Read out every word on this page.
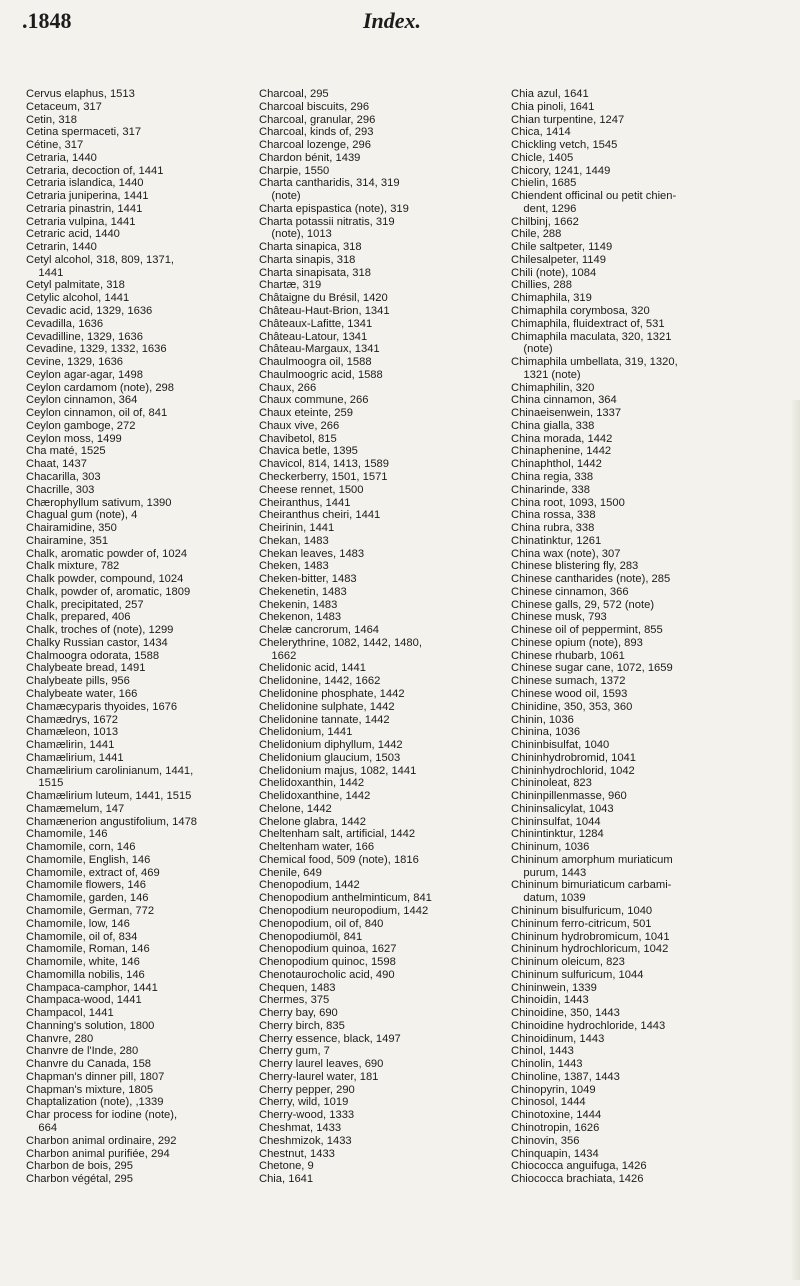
.1848	Index.
Cervus elaphus, 1513
Cetaceum, 317
Cetin, 318
Cetina spermaceti, 317
Cétine, 317
Cetraria, 1440
Cetraria, decoction of, 1441
Cetraria islandica, 1440
Cetraria juniperina, 1441
Cetraria pinastrin, 1441
Cetraria vulpina, 1441
Cetraric acid, 1440
Cetrarin, 1440
Cetyl alcohol, 318, 809, 1371,
1441
Cetyl palmitate, 318
Cetylic alcohol, 1441
Cevadic acid, 1329, 1636
Cevadilla, 1636
Cevadilline, 1329, 1636
Cevadine, 1329, 1332, 1636
Cevine, 1329, 1636
Ceylon agar-agar, 1498
Ceylon cardamom (note), 298
Ceylon cinnamon, 364
Ceylon cinnamon, oil of, 841
Ceylon gamboge, 272
Ceylon moss, 1499
Cha maté, 1525
Chaat, 1437
Chacarilla, 303
Chacrille, 303
Chærophyllum sativum, 1390
Chagual gum (note), 4
Chairamidine, 350
Chairamine, 351
Chalk, aromatic powder of, 1024
Chalk mixture, 782
Chalk powder, compound, 1024
Chalk, powder of, aromatic, 1809
Chalk, precipitated, 257
Chalk, prepared, 406
Chalk, troches of (note), 1299
Chalky Russian castor, 1434
Chalmoogra odorata, 1588
Chalybeate bread, 1491
Chalybeate pills, 956
Chalybeate water, 166
Chamæcyparis thyoides, 1676
Chamædrys, 1672
Chamæleon, 1013
Chamælirin, 1441
Chamælirium, 1441
Chamælirium carolinianum, 1441,
1515
Chamælirium luteum, 1441, 1515
Chamæmelum, 147
Chamænerion angustifolium, 1478
Chamomile, 146
Chamomile, corn, 146
Chamomile, English, 146
Chamomile, extract of, 469
Chamomile flowers, 146
Chamomile, garden, 146
Chamomile, German, 772
Chamomile, low, 146
Chamomile, oil of, 834
Chamomile, Roman, 146
Chamomile, white, 146
Chamomilla nobilis, 146
Champaca-camphor, 1441
Champaca-wood, 1441
Champacol, 1441
Channing's solution, 1800
Chanvre, 280
Chanvre de l'Inde, 280
Chanvre du Canada, 158
Chapman's dinner pill, 1807
Chapman's mixture, 1805
Chaptalization (note), ,1339
Char process for iodine (note),
664
Charbon animal ordinaire, 292
Charbon animal purifiée, 294
Charbon de bois, 295
Charbon végétal, 295
Charcoal, 295
Charcoal biscuits, 296
Charcoal, granular, 296
Charcoal, kinds of, 293
Charcoal lozenge, 296
Chardon bénit, 1439
Charpie, 1550
Charta cantharidis, 314, 319
(note)
Charta epispastica (note), 319
Charta potassii nitratis, 319
(note), 1013
Charta sinapica, 318
Charta sinapis, 318
Charta sinapisata, 318
Chartæ, 319
Châtaigne du Brésil, 1420
Château-Haut-Brion, 1341
Châteaux-Lafitte, 1341
Château-Latour, 1341
Château-Margaux, 1341
Chaulmoogra oil, 1588
Chaulmoogric acid, 1588
Chaux, 266
Chaux commune, 266
Chaux eteinte, 259
Chaux vive, 266
Chavibetol, 815
Chavica betle, 1395
Chavicol, 814, 1413, 1589
Checkerberry, 1501, 1571
Cheese rennet, 1500
Cheiranthus, 1441
Cheiranthus cheiri, 1441
Cheirinin, 1441
Chekan, 1483
Chekan leaves, 1483
Cheken, 1483
Cheken-bitter, 1483
Chekenetin, 1483
Chekenin, 1483
Chekenon, 1483
Chelæ cancrorum, 1464
Chelerythrine, 1082, 1442, 1480,
1662
Chelidonic acid, 1441
Chelidonine, 1442, 1662
Chelidonine phosphate, 1442
Chelidonine sulphate, 1442
Chelidonine tannate, 1442
Chelidonium, 1441
Chelidonium diphyllum, 1442
Chelidonium glaucium, 1503
Chelidonium majus, 1082, 1441
Chelidoxanthin, 1442
Chelidoxanthine, 1442
Chelone, 1442
Chelone glabra, 1442
Cheltenham salt, artificial, 1442
Cheltenham water, 166
Chemical food, 509 (note), 1816
Chenile, 649
Chenopodium, 1442
Chenopodium anthelminticum, 841
Chenopodium neuropodium, 1442
Chenopodium, oil of, 840
Chenopodiumöl, 841
Chenopodium quinoa, 1627
Chenopodium quinoc, 1598
Chenotaurocholic acid, 490
Chequen, 1483
Chermes, 375
Cherry bay, 690
Cherry birch, 835
Cherry essence, black, 1497
Cherry gum, 7
Cherry laurel leaves, 690
Cherry-laurel water, 181
Cherry pepper, 290
Cherry, wild, 1019
Cherry-wood, 1333
Cheshmat, 1433
Cheshmizok, 1433
Chestnut, 1433
Chetone, 9
Chia, 1641
Chia azul, 1641
Chia pinoli, 1641
Chian turpentine, 1247
Chica, 1414
Chickling vetch, 1545
Chicle, 1405
Chicory, 1241, 1449
Chielin, 1685
Chiendent officinal ou petit chien-
dent, 1296
Chilbinj, 1662
Chile, 288
Chile saltpeter, 1149
Chilesalpeter, 1149
Chili (note), 1084
Chillies, 288
Chimaphila, 319
Chimaphila corymbosa, 320
Chimaphila, fluidextract of, 531
Chimaphila maculata, 320, 1321
(note)
Chimaphila umbellata, 319, 1320,
1321 (note)
Chimaphilin, 320
China cinnamon, 364
Chinaeisenwein, 1337
China gialla, 338
China morada, 1442
Chinaphenine, 1442
Chinaphthol, 1442
China regia, 338
Chinarinde, 338
China root, 1093, 1500
China rossa, 338
China rubra, 338
Chinatinktur, 1261
China wax (note), 307
Chinese blistering fly, 283
Chinese cantharides (note), 285
Chinese cinnamon, 366
Chinese galls, 29, 572 (note)
Chinese musk, 793
Chinese oil of peppermint, 855
Chinese opium (note), 893
Chinese rhubarb, 1061
Chinese sugar cane, 1072, 1659
Chinese sumach, 1372
Chinese wood oil, 1593
Chinidine, 350, 353, 360
Chinin, 1036
Chinina, 1036
Chininbisulfat, 1040
Chininhydrobromid, 1041
Chininhydrochlorid, 1042
Chininoleat, 823
Chininpillenmasse, 960
Chininsalicylat, 1043
Chininsulfat, 1044
Chinintinktur, 1284
Chininum, 1036
Chininum amorphum muriaticum
purum, 1443
Chininum bimuriaticum carbami-
datum, 1039
Chininum bisulfuricum, 1040
Chininum ferro-citricum, 501
Chininum hydrobromicum, 1041
Chininum hydrochloricum, 1042
Chininum oleicum, 823
Chininum sulfuricum, 1044
Chininwein, 1339
Chinoidin, 1443
Chinoidine, 350, 1443
Chinoidine hydrochloride, 1443
Chinoidinum, 1443
Chinol, 1443
Chinolin, 1443
Chinoline, 1387, 1443
Chinopyrin, 1049
Chinosol, 1444
Chinotoxine, 1444
Chinotropin, 1626
Chinovin, 356
Chinquapin, 1434
Chiococca anguifuga, 1426
Chiococca brachiata, 1426
